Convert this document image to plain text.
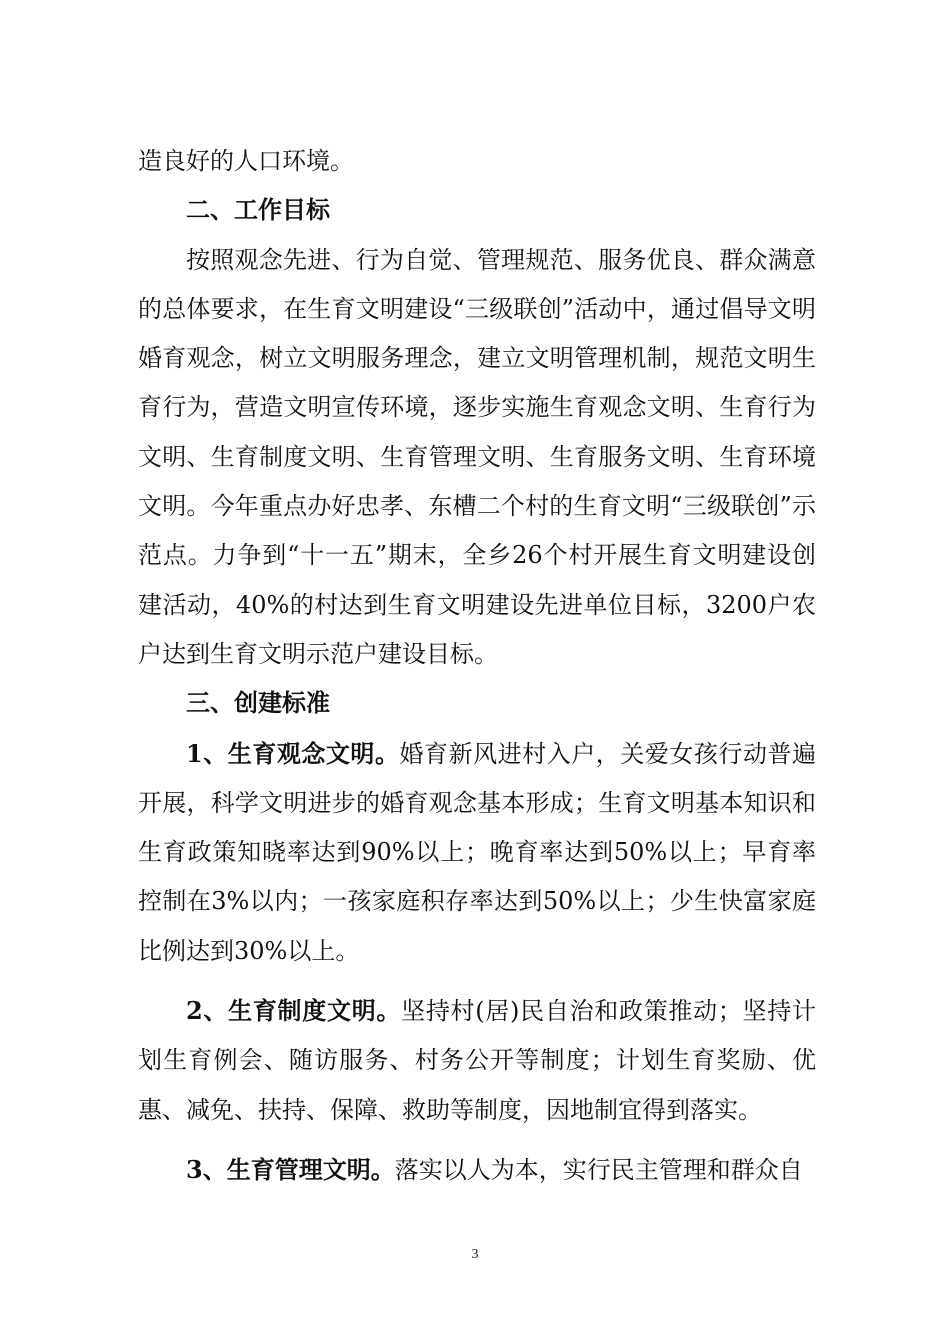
造良好的人口环境。

二、工作目标

按照观念先进、行为自觉、管理规范、服务优良、群众满意的总体要求，在生育文明建设“三级联创”活动中，通过倡导文明婚育观念，树立文明服务理念，建立文明管理机制，规范文明生育行为，营造文明宣传环境，逐步实施生育观念文明、生育行为文明、生育制度文明、生育管理文明、生育服务文明、生育环境文明。今年重点办好忠孝、东槽二个村的生育文明“三级联创”示范点。力争到“十一五”期末，全乡26个村开展生育文明建设创建活动，40%的村达到生育文明建设先进单位目标，3200户农户达到生育文明示范户建设目标。

三、创建标准

1、生育观念文明。婚育新风进村入户，关爱女孩行动普遍开展，科学文明进步的婚育观念基本形成；生育文明基本知识和生育政策知晓率达到90%以上；晚育率达到50%以上；早育率控制在3%以内；一孩家庭积存率达到50%以上；少生快富家庭比例达到30%以上。

2、生育制度文明。坚持村(居)民自治和政策推动；坚持计划生育例会、随访服务、村务公开等制度；计划生育奖励、优惠、减免、扶持、保障、救助等制度，因地制宜得到落实。

3、生育管理文明。落实以人为本，实行民主管理和群众自

3
